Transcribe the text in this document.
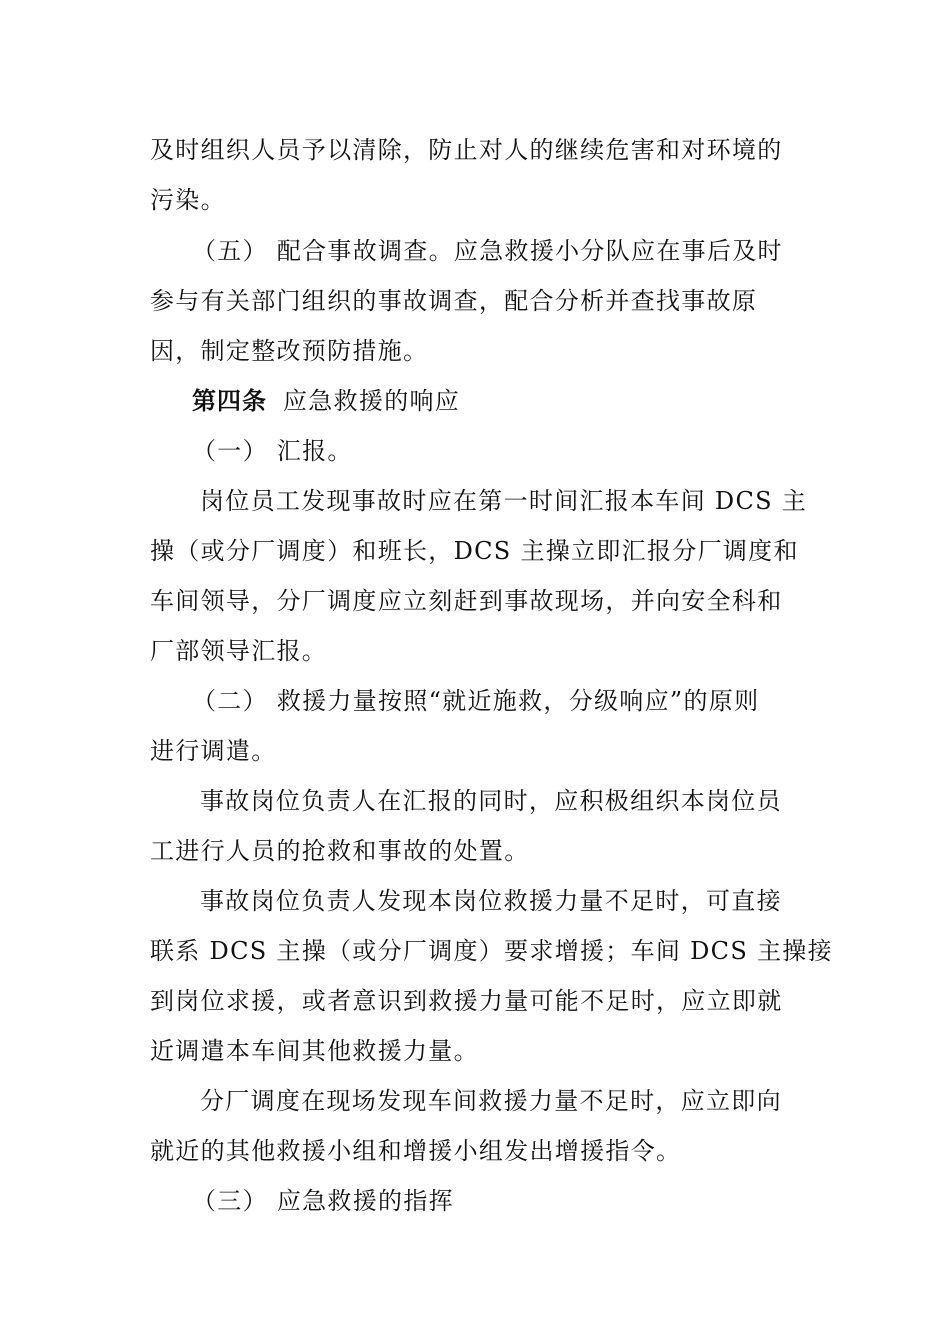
及时组织人员予以清除，防止对人的继续危害和对环境的
污染。
（五） 配合事故调查。应急救援小分队应在事后及时
参与有关部门组织的事故调查，配合分析并查找事故原
因，制定整改预防措施。
第四条 应急救援的响应
（一） 汇报。
岗位员工发现事故时应在第一时间汇报本车间 DCS 主
操（或分厂调度）和班长，DCS 主操立即汇报分厂调度和
车间领导，分厂调度应立刻赶到事故现场，并向安全科和
厂部领导汇报。
（二） 救援力量按照“就近施救，分级响应”的原则
进行调遣。
事故岗位负责人在汇报的同时，应积极组织本岗位员
工进行人员的抢救和事故的处置。
事故岗位负责人发现本岗位救援力量不足时，可直接
联系 DCS 主操（或分厂调度）要求增援；车间 DCS 主操接
到岗位求援，或者意识到救援力量可能不足时，应立即就
近调遣本车间其他救援力量。
分厂调度在现场发现车间救援力量不足时，应立即向
就近的其他救援小组和增援小组发出增援指令。
（三） 应急救援的指挥
